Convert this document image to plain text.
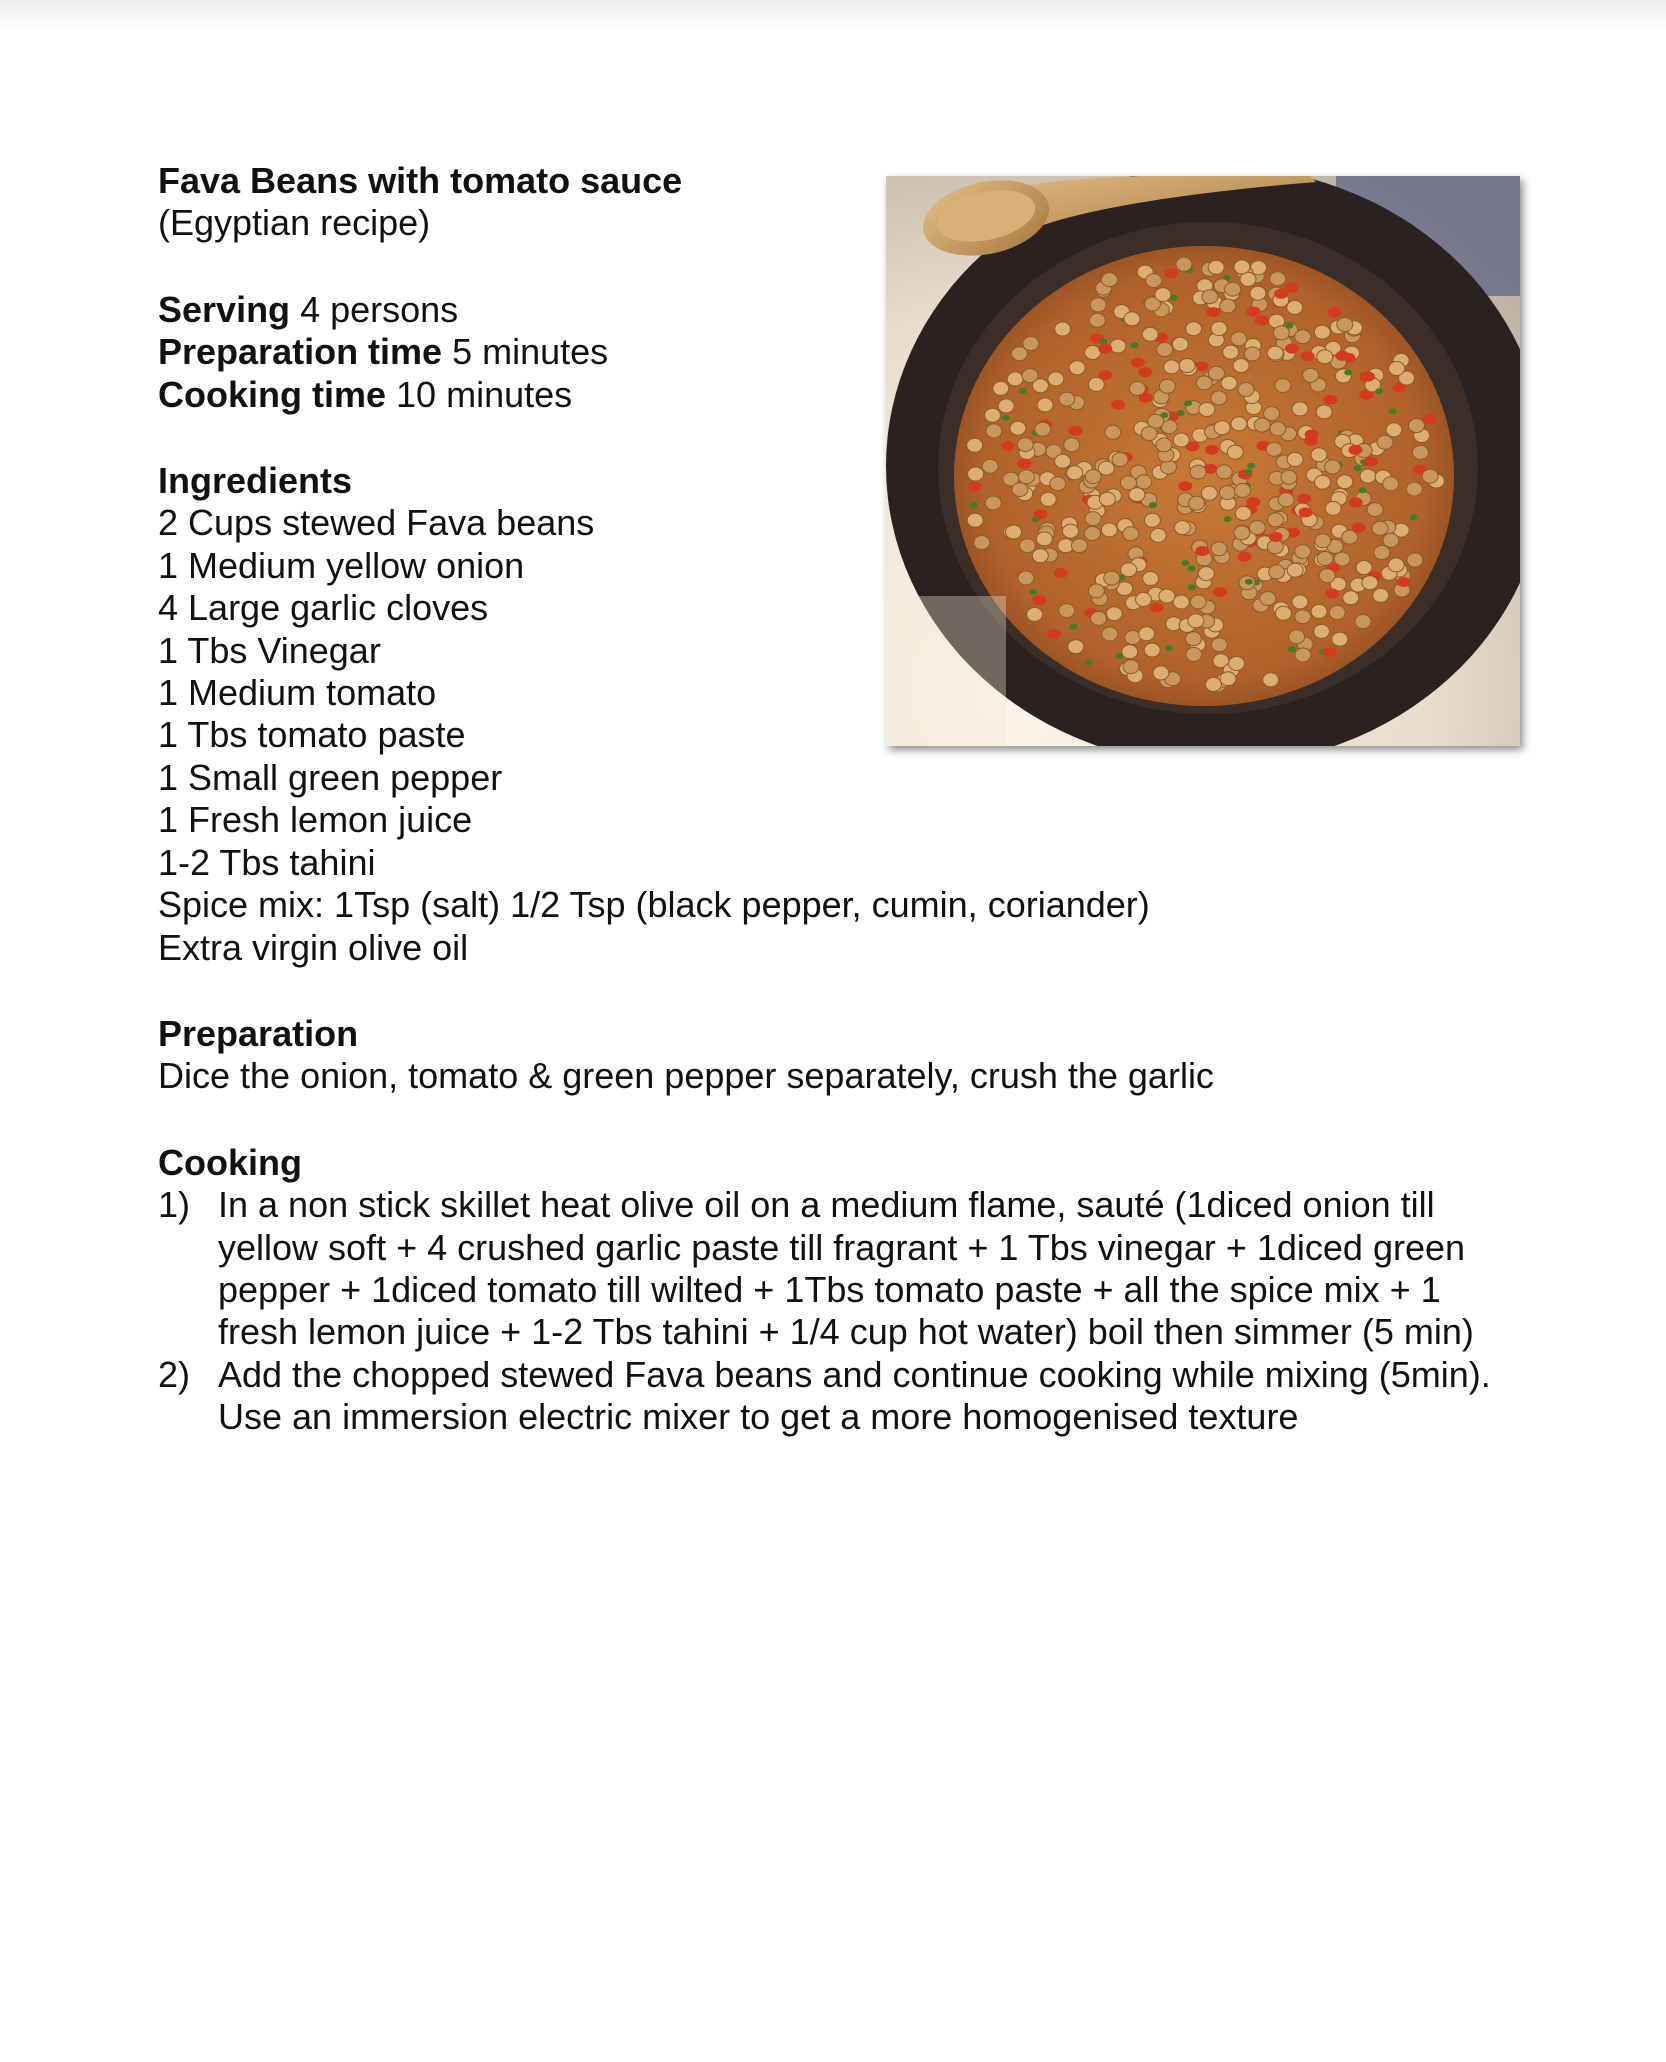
Fava Beans with tomato sauce
(Egyptian recipe)
Serving 4 persons
Preparation time 5 minutes
Cooking time 10 minutes
Ingredients
2 Cups stewed Fava beans
1 Medium yellow onion
4 Large garlic cloves
1 Tbs Vinegar
1 Medium tomato
1 Tbs tomato paste
1 Small green pepper
1 Fresh lemon juice
1-2 Tbs tahini
Spice mix: 1Tsp (salt) 1/2 Tsp (black pepper, cumin, coriander)
Extra virgin olive oil
Preparation
Dice the onion, tomato & green pepper separately, crush the garlic
Cooking
1) In a non stick skillet heat olive oil on a medium flame, sauté (1diced onion till yellow soft + 4 crushed garlic paste till fragrant + 1 Tbs vinegar + 1diced green pepper + 1diced tomato till wilted + 1Tbs tomato paste + all the spice mix + 1 fresh lemon juice + 1-2 Tbs tahini + 1/4 cup hot water) boil then simmer (5 min)
2) Add the chopped stewed Fava beans and continue cooking while mixing (5min). Use an immersion electric mixer to get a more homogenised texture
